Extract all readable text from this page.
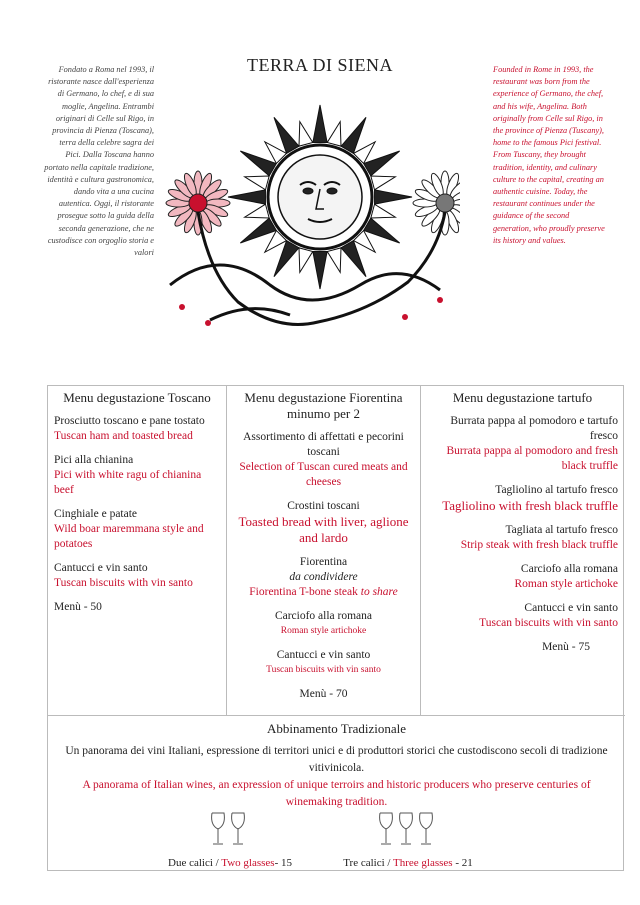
TERRA DI SIENA
Fondato a Roma nel 1993, il ristorante nasce dall'esperienza di Germano, lo chef, e di sua moglie, Angelina. Entrambi originari di Celle sul Rigo, in provincia di Pienza (Toscana), terra della celebre sagra dei Pici. Dalla Toscana hanno portato nella capitale tradizione, identità e cultura gastronomica, dando vita a una cucina autentica. Oggi, il ristorante prosegue sotto la guida della seconda generazione, che ne custodisce con orgoglio storia e valori
Founded in Rome in 1993, the restaurant was born from the experience of Germano, the chef, and his wife, Angelina. Both originally from Celle sul Rigo, in the province of Pienza (Tuscany), home to the famous Pici festival. From Tuscany, they brought tradition, identity, and culinary culture to the capital, creating an authentic cuisine. Today, the restaurant continues under the guidance of the second generation, who proudly preserve its history and values.
Menu degustazione Toscano
Prosciutto toscano e pane tostato
Tuscan ham and toasted bread
Pici alla chianina
Pici with white ragu of chianina beef
Cinghiale e patate
Wild boar maremmana style and potatoes
Cantucci e vin santo
Tuscan biscuits with vin santo
Menù - 50
Menu degustazione Fiorentina minumo per 2
Assortimento di affettati e pecorini toscani
Selection of Tuscan cured meats and cheeses
Crostini toscani
Toasted bread with liver, aglione and lardo
Fiorentina
da condividere
Fiorentina T-bone steak to share
Carciofo alla romana
Roman style artichoke
Cantucci e vin santo
Tuscan biscuits with vin santo
Menù - 70
Menu degustazione tartufo
Burrata pappa al pomodoro e tartufo fresco
Burrata pappa al pomodoro and fresh black truffle
Tagliolino al tartufo fresco
Tagliolino with fresh black truffle
Tagliata al tartufo fresco
Strip steak with fresh black truffle
Carciofo alla romana
Roman style artichoke
Cantucci e vin santo
Tuscan biscuits with vin santo
Menù - 75
Abbinamento Tradizionale
Un panorama dei vini Italiani, espressione di territori unici e di produttori storici che custodiscono secoli di tradizione vitivinicola.
A panorama of Italian wines, an expression of unique terroirs and historic producers who preserve centuries of winemaking tradition.

Due calici / Two glasses- 15	Tre calici / Three glasses - 21
